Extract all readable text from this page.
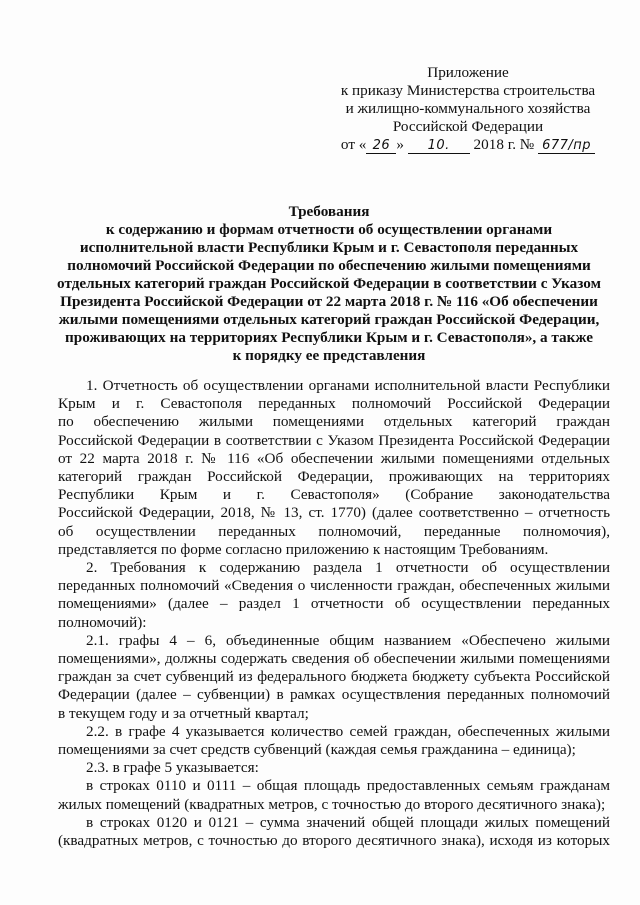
Приложение
к приказу Министерства строительства
и жилищно-коммунального хозяйства
Российской Федерации
от « 26 » 10. 2018 г. № 677/пр
Требования
к содержанию и формам отчетности об осуществлении органами
исполнительной власти Республики Крым и г. Севастополя переданных
полномочий Российской Федерации по обеспечению жилыми помещениями
отдельных категорий граждан Российской Федерации в соответствии с Указом
Президента Российской Федерации от 22 марта 2018 г. № 116 «Об обеспечении
жилыми помещениями отдельных категорий граждан Российской Федерации,
проживающих на территориях Республики Крым и г. Севастополя», а также
к порядку ее представления
1. Отчетность об осуществлении органами исполнительной власти Республики
Крым и г. Севастополя переданных полномочий Российской Федерации
по обеспечению жилыми помещениями отдельных категорий граждан
Российской Федерации в соответствии с Указом Президента Российской Федерации
от 22 марта 2018 г. № 116 «Об обеспечении жилыми помещениями отдельных
категорий граждан Российской Федерации, проживающих на территориях
Республики Крым и г. Севастополя» (Собрание законодательства
Российской Федерации, 2018, № 13, ст. 1770) (далее соответственно – отчетность
об осуществлении переданных полномочий, переданные полномочия),
представляется по форме согласно приложению к настоящим Требованиям.
2. Требования к содержанию раздела 1 отчетности об осуществлении
переданных полномочий «Сведения о численности граждан, обеспеченных жилыми
помещениями» (далее – раздел 1 отчетности об осуществлении переданных
полномочий):
2.1. графы 4 – 6, объединенные общим названием «Обеспечено жилыми
помещениями», должны содержать сведения об обеспечении жилыми помещениями
граждан за счет субвенций из федерального бюджета бюджету субъекта Российской
Федерации (далее – субвенции) в рамках осуществления переданных полномочий
в текущем году и за отчетный квартал;
2.2. в графе 4 указывается количество семей граждан, обеспеченных жилыми
помещениями за счет средств субвенций (каждая семья гражданина – единица);
2.3. в графе 5 указывается:
в строках 0110 и 0111 – общая площадь предоставленных семьям гражданам
жилых помещений (квадратных метров, с точностью до второго десятичного знака);
в строках 0120 и 0121 – сумма значений общей площади жилых помещений
(квадратных метров, с точностью до второго десятичного знака), исходя из которых
